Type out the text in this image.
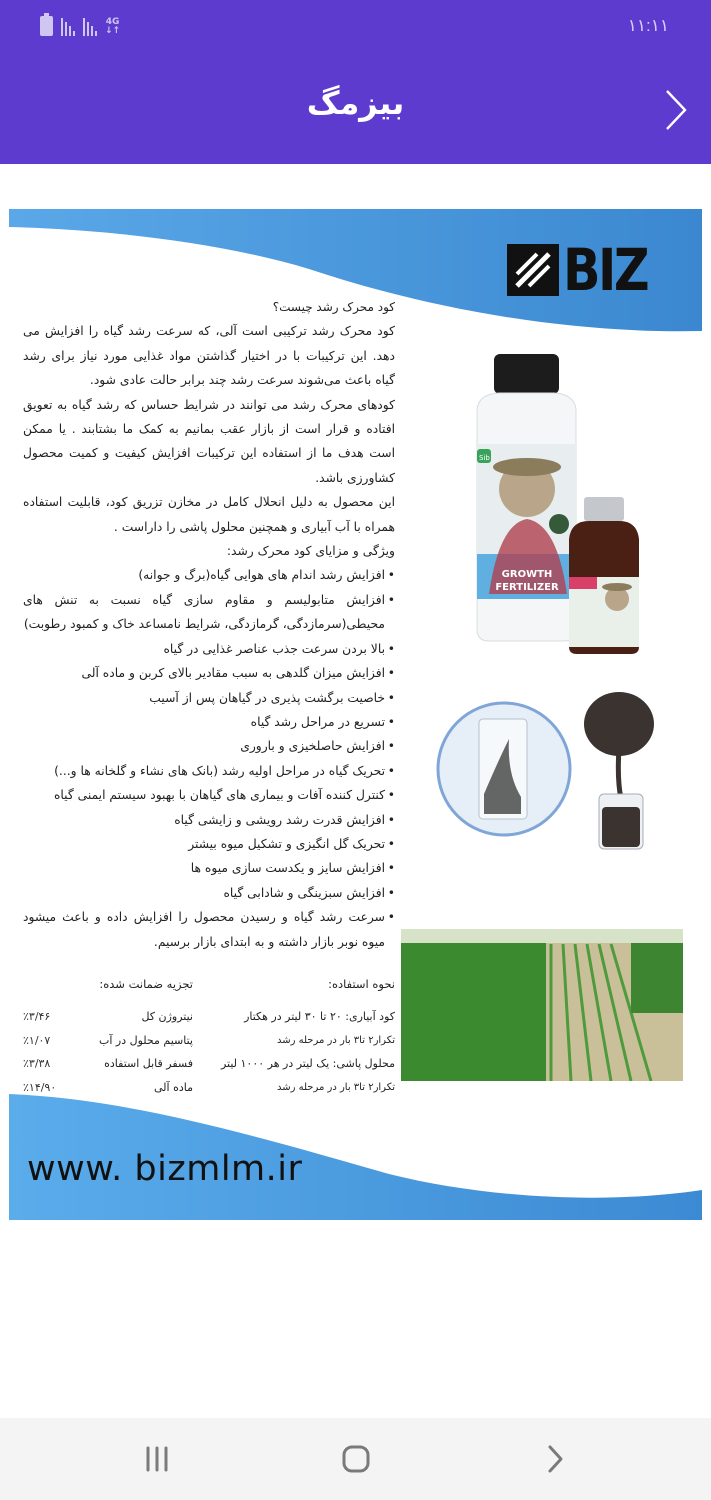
4G
↓↑	۱۱:۱۱
بیزمگ
BIZ

کود محرک رشد چیست؟

کود محرک رشد ترکیبی است آلی، که سرعت رشد گیاه را افزایش می دهد. این ترکیبات با در اختیار گذاشتن مواد غذایی مورد نیاز برای رشد گیاه باعث می‌شوند سرعت رشد چند برابر حالت عادی شود.

کودهای محرک رشد می توانند در شرایط حساس که رشد گیاه به تعویق افتاده و قرار است از بازار عقب بمانیم به کمک ما بشتابند . یا ممکن است هدف ما از استفاده این ترکیبات افزایش کیفیت و کمیت محصول کشاورزی باشد.

این محصول به دلیل انحلال کامل در مخازن تزریق کود، قابلیت استفاده همراه با آب آبیاری و همچنین محلول پاشی را داراست .

ویژگی و مزایای کود محرک رشد:

• افزایش رشد اندام های هوایی گیاه(برگ و جوانه)
• افزایش متابولیسم و مقاوم سازی گیاه نسبت به تنش های محیطی(سرمازدگی، گرمازدگی، شرایط نامساعد خاک و کمبود رطوبت)
• بالا بردن سرعت جذب عناصر غذایی در گیاه
• افزایش میزان گلدهی به سبب مقادیر بالای کربن و ماده آلی
• خاصیت برگشت پذیری در گیاهان پس از آسیب
• تسریع در مراحل رشد گیاه
• افزایش حاصلخیزی و باروری
• تحریک گیاه در مراحل اولیه رشد (بانک های نشاء و گلخانه ها و...)
• کنترل کننده آفات و بیماری های گیاهان با بهبود سیستم ایمنی گیاه
• افزایش قدرت رشد رویشی و زایشی گیاه
• تحریک گل انگیزی و تشکیل میوه بیشتر
• افزایش سایز و یکدست سازی میوه ها
• افزایش سبزینگی و شادابی گیاه
• سرعت رشد گیاه و رسیدن محصول را افزایش داده و باعث میشود میوه نوبر بازار داشته و به ابتدای بازار برسیم.
نحوه استفاده:
کود آبیاری: ۲۰ تا ۳۰ لیتر در هکتار
تکرار۲ تا۳ بار در مرحله رشد
محلول پاشی: یک لیتر در هر ۱۰۰۰ لیتر
تکرار۲ تا۳ بار در مرحله رشد
تجزیه ضمانت شده:
نیتروژن کل
٪۳/۴۶
پتاسیم محلول در آب
٪۱/۰۷
فسفر قابل استفاده
٪۳/۳۸
ماده آلی
٪۱۴/۹۰
Sib
GROWTH
FERTILIZER
www. bizmlm.ir
